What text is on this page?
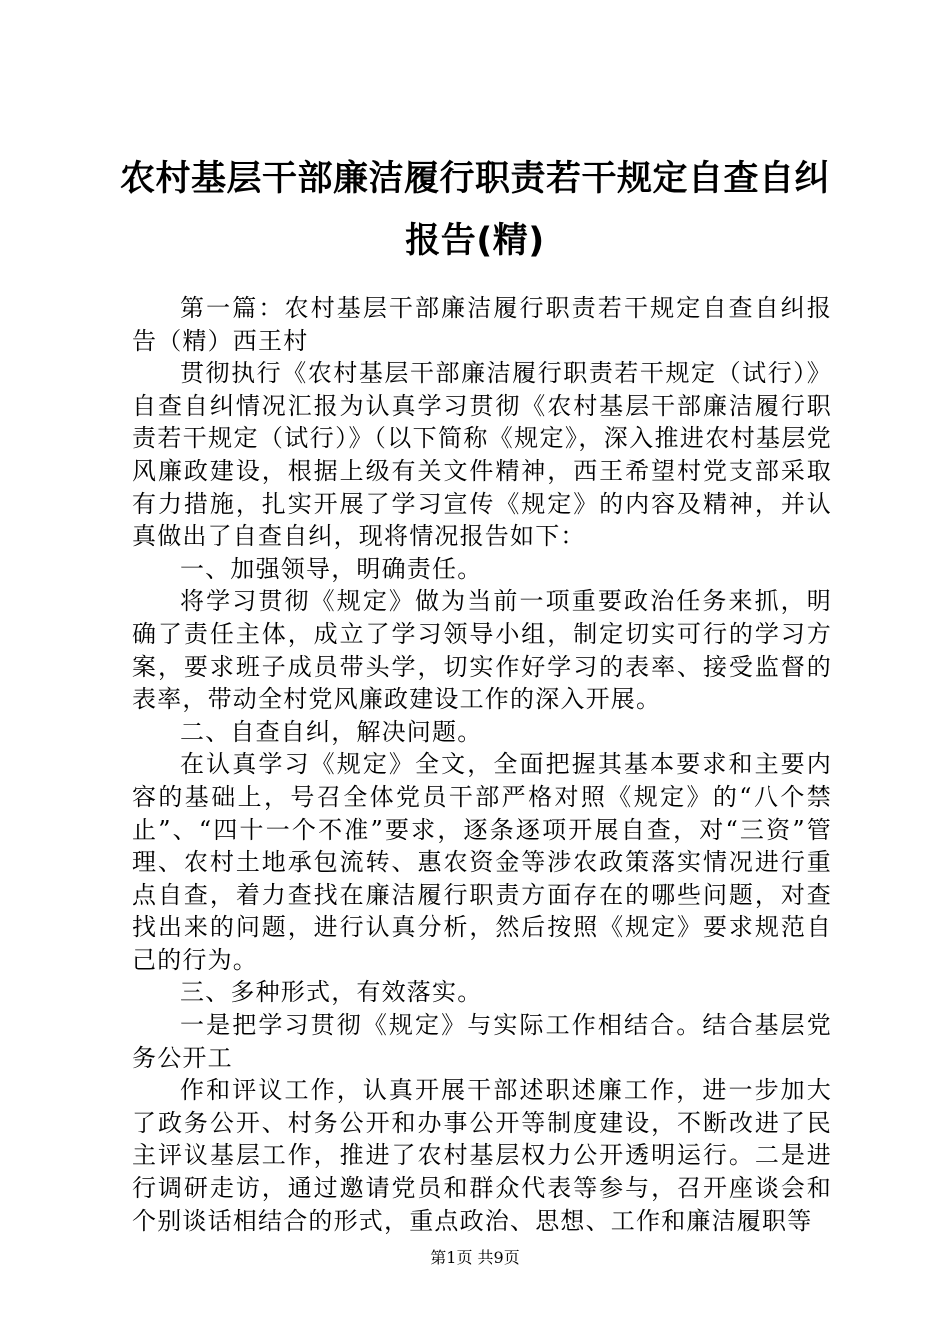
农村基层干部廉洁履行职责若干规定自查自纠
报告(精)

第一篇：农村基层干部廉洁履行职责若干规定自查自纠报告（精）西王村

贯彻执行《农村基层干部廉洁履行职责若干规定（试行）》自查自纠情况汇报为认真学习贯彻《农村基层干部廉洁履行职责若干规定（试行）》（以下简称《规定》，深入推进农村基层党风廉政建设，根据上级有关文件精神，西王希望村党支部采取有力措施，扎实开展了学习宣传《规定》的内容及精神，并认真做出了自查自纠，现将情况报告如下：

一、加强领导，明确责任。

将学习贯彻《规定》做为当前一项重要政治任务来抓，明确了责任主体，成立了学习领导小组，制定切实可行的学习方案，要求班子成员带头学，切实作好学习的表率、接受监督的表率，带动全村党风廉政建设工作的深入开展。

二、自查自纠，解决问题。

在认真学习《规定》全文，全面把握其基本要求和主要内容的基础上，号召全体党员干部严格对照《规定》的“八个禁止”、“四十一个不准”要求，逐条逐项开展自查，对“三资”管理、农村土地承包流转、惠农资金等涉农政策落实情况进行重点自查，着力查找在廉洁履行职责方面存在的哪些问题，对查找出来的问题，进行认真分析，然后按照《规定》要求规范自己的行为。

三、多种形式，有效落实。

一是把学习贯彻《规定》与实际工作相结合。结合基层党务公开工

作和评议工作，认真开展干部述职述廉工作，进一步加大了政务公开、村务公开和办事公开等制度建设，不断改进了民主评议基层工作，推进了农村基层权力公开透明运行。二是进行调研走访，通过邀请党员和群众代表等参与，召开座谈会和个别谈话相结合的形式，重点政治、思想、工作和廉洁履职等

第1页 共9页
